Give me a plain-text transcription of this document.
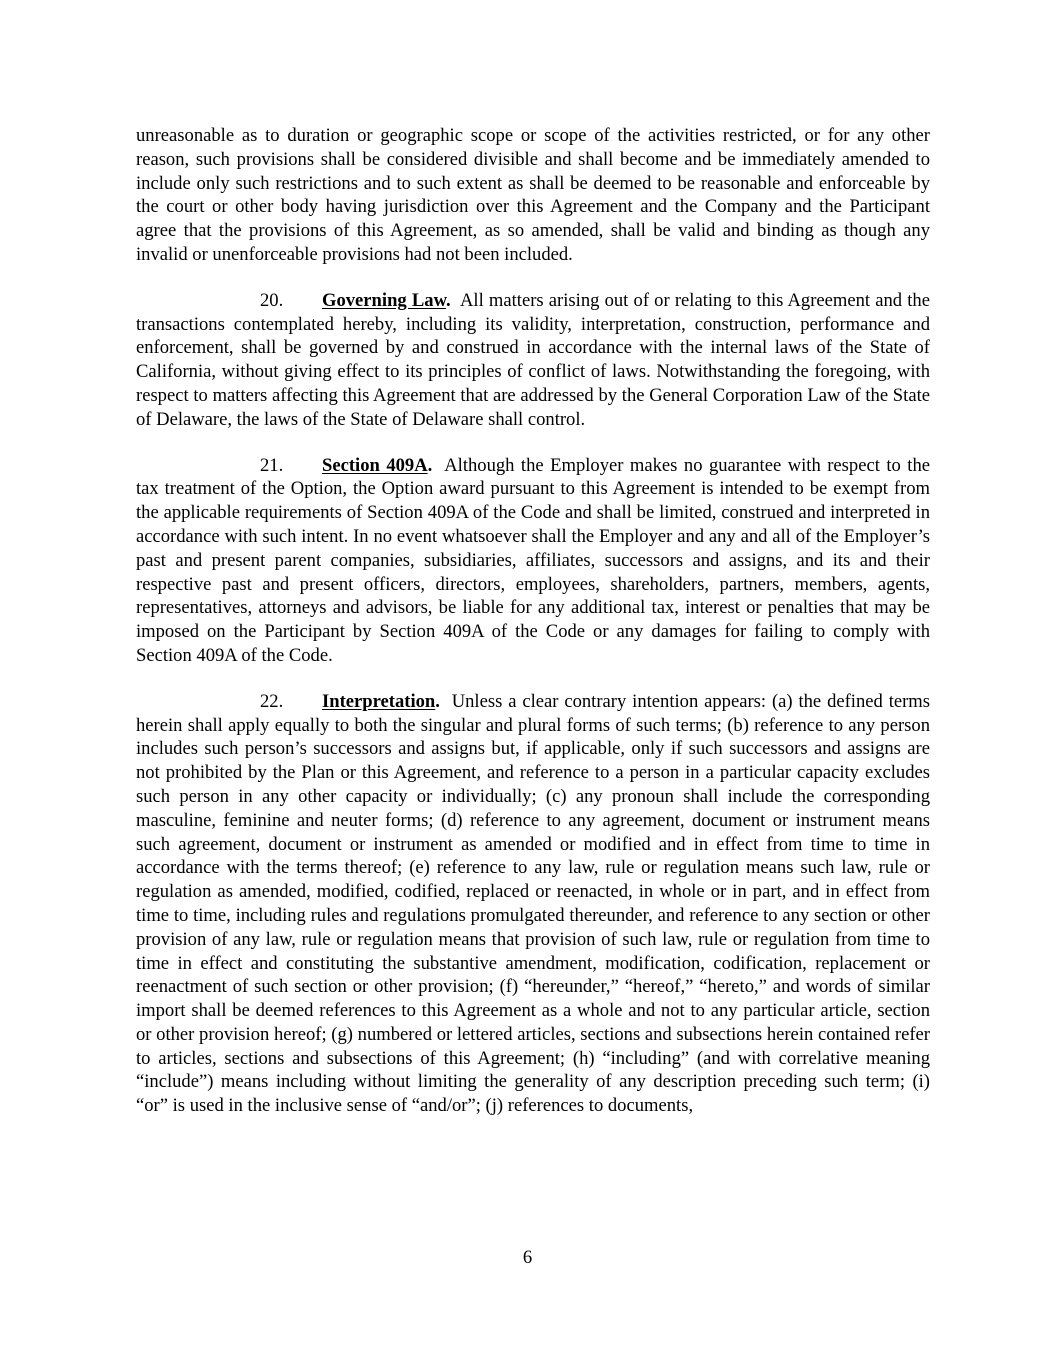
unreasonable as to duration or geographic scope or scope of the activities restricted, or for any other reason, such provisions shall be considered divisible and shall become and be immediately amended to include only such restrictions and to such extent as shall be deemed to be reasonable and enforceable by the court or other body having jurisdiction over this Agreement and the Company and the Participant agree that the provisions of this Agreement, as so amended, shall be valid and binding as though any invalid or unenforceable provisions had not been included.

20. Governing Law. All matters arising out of or relating to this Agreement and the transactions contemplated hereby, including its validity, interpretation, construction, performance and enforcement, shall be governed by and construed in accordance with the internal laws of the State of California, without giving effect to its principles of conflict of laws. Notwithstanding the foregoing, with respect to matters affecting this Agreement that are addressed by the General Corporation Law of the State of Delaware, the laws of the State of Delaware shall control.

21. Section 409A. Although the Employer makes no guarantee with respect to the tax treatment of the Option, the Option award pursuant to this Agreement is intended to be exempt from the applicable requirements of Section 409A of the Code and shall be limited, construed and interpreted in accordance with such intent. In no event whatsoever shall the Employer and any and all of the Employer’s past and present parent companies, subsidiaries, affiliates, successors and assigns, and its and their respective past and present officers, directors, employees, shareholders, partners, members, agents, representatives, attorneys and advisors, be liable for any additional tax, interest or penalties that may be imposed on the Participant by Section 409A of the Code or any damages for failing to comply with Section 409A of the Code.

22. Interpretation. Unless a clear contrary intention appears: (a) the defined terms herein shall apply equally to both the singular and plural forms of such terms; (b) reference to any person includes such person’s successors and assigns but, if applicable, only if such successors and assigns are not prohibited by the Plan or this Agreement, and reference to a person in a particular capacity excludes such person in any other capacity or individually; (c) any pronoun shall include the corresponding masculine, feminine and neuter forms; (d) reference to any agreement, document or instrument means such agreement, document or instrument as amended or modified and in effect from time to time in accordance with the terms thereof; (e) reference to any law, rule or regulation means such law, rule or regulation as amended, modified, codified, replaced or reenacted, in whole or in part, and in effect from time to time, including rules and regulations promulgated thereunder, and reference to any section or other provision of any law, rule or regulation means that provision of such law, rule or regulation from time to time in effect and constituting the substantive amendment, modification, codification, replacement or reenactment of such section or other provision; (f) “hereunder,” “hereof,” “hereto,” and words of similar import shall be deemed references to this Agreement as a whole and not to any particular article, section or other provision hereof; (g) numbered or lettered articles, sections and subsections herein contained refer to articles, sections and subsections of this Agreement; (h) “including” (and with correlative meaning “include”) means including without limiting the generality of any description preceding such term; (i) “or” is used in the inclusive sense of “and/or”; (j) references to documents,

6
